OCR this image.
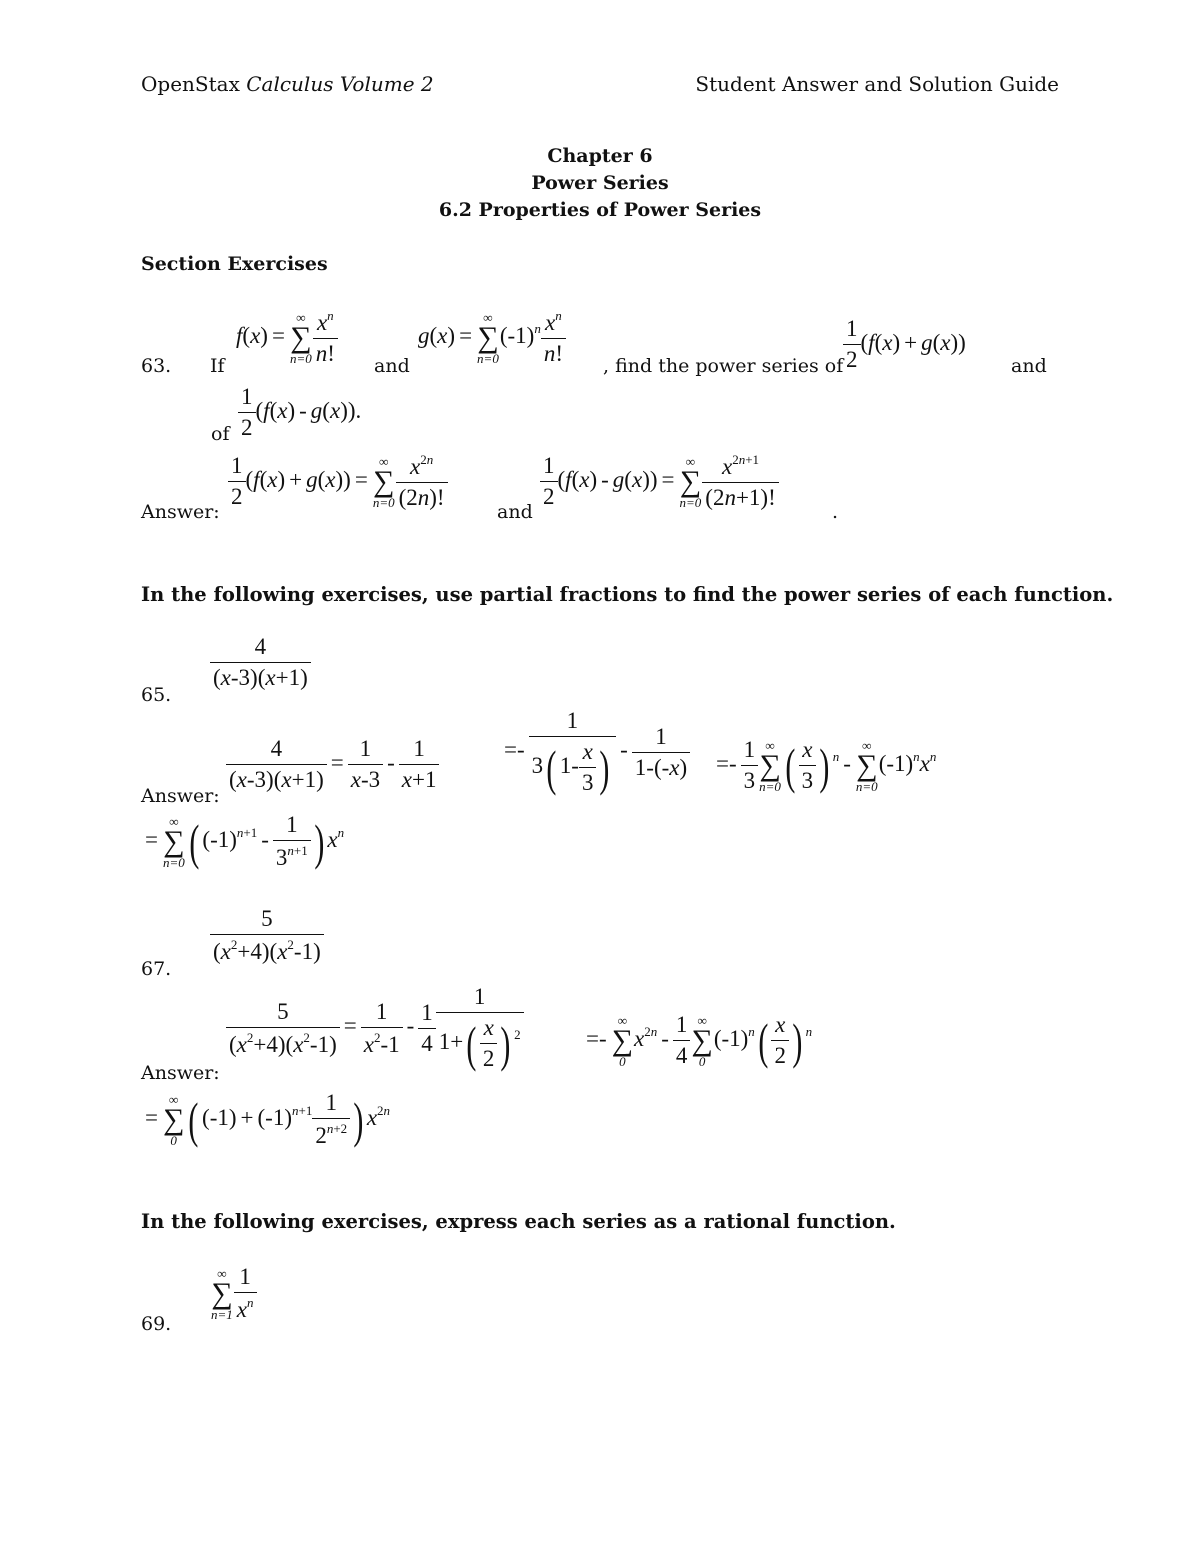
OpenStax Calculus Volume 2	Student Answer and Solution Guide
Chapter 6
Power Series
6.2 Properties of Power Series
Section Exercises
63. If
f(x) =
∞
∑
$n=0 \frac{x^n}{n!}$ and
g(x) =
∞
∑
n=0
$(-1)^n \frac{x^n}{n!}$ , find the power series of $\frac{1}{2} (f(x) + g(x))$
and
of $\frac{1}{2} (f(x) - g(x))$.
Answer:
$\frac{1}{2} (f(x) + g(x))$ =
∞
∑
$n=0 \frac{x^{2n}}{(2n)!}$
and
$\frac{1}{2} (f(x) - g(x))$ =
∞
∑
$n=0 \frac{x^{2n+1}}{(2n+1)!}$
.
In the following exercises, use partial fractions to find the power series of each function.
65.
$\frac{4}{(x-3)(x+1)}$
Answer:
$\frac{4}{(x-3)(x+1)} = \frac{1}{x-3} - \frac{1}{x+1}$	=- $\frac{1}{3( 1- \frac{x}{3} )} - \frac{1}{1-(-x)} =- \frac{1}{3}$ ∞
∑
n=0 ( $\frac{x}{3}$ ) $^n$ -
∞
∑
n=0
$(-1)^nx^n$
=
∞
∑
n=0 ( $(-1)^{n+1} - \frac{1}{3^{n+1}}$ ) $x^n$
67.
$\frac{5}{(x^2+4)(x^2-1)}$
Answer:
$\frac{5}{(x^2+4)(x^2-1)} = \frac{1}{x^2-1} - \frac{1}{4} \frac{1}{1+( \frac{x}{2} ) ^2}$	=-
∞
∑
0
$x^{2n} - \frac{1}{4}$ ∞
∑
0
$(-1)^n( \frac{x}{2}$ ) $^n$
=
∞
∑
0 ( $(-1) + (-1)^{n+1} \frac{1}{2^{n+2}}$ ) $x^{2n}$
In the following exercises, express each series as a rational function.
69.
∞
∑
$n=1 \frac{1}{x^n}$
